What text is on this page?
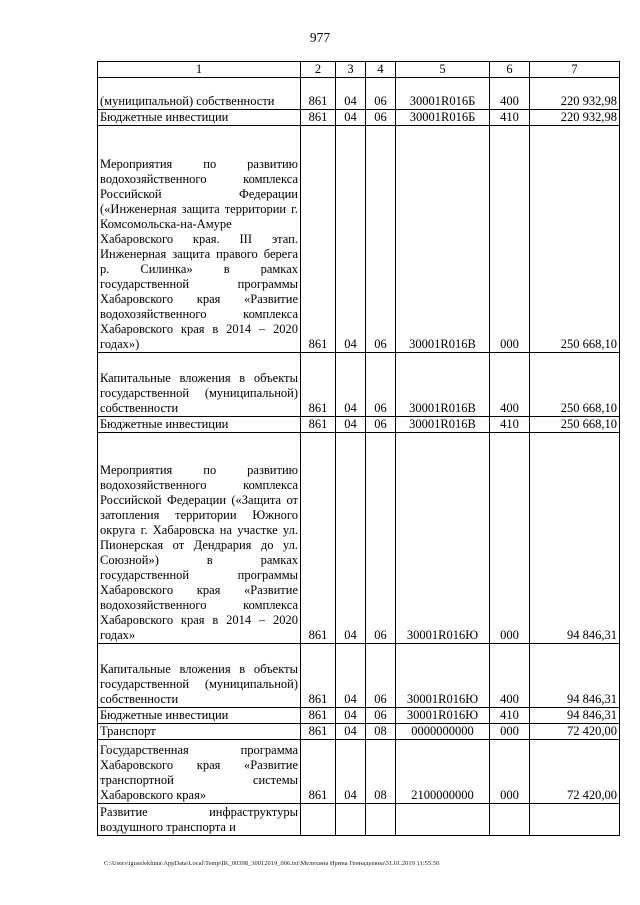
977
1	2	3	4	5	6	7
(муниципальной) собственности	861	04	06	30001R016Б	400	220 932,98
Бюджетные инвестиции	861	04	06	30001R016Б	410	220 932,98
Мероприятия по развитию водохозяйственного комплекса Российской Федерации («Инженерная защита территории г. Комсомольска-на-Амуре Хабаровского края. III этап. Инженерная защита правого берега р. Силинка» в рамках государственной программы Хабаровского края «Развитие водохозяйственного комплекса Хабаровского края в 2014 – 2020 годах»)	861	04	06	30001R016В	000	250 668,10
Капитальные вложения в объекты государственной (муниципальной) собственности	861	04	06	30001R016В	400	250 668,10
Бюджетные инвестиции	861	04	06	30001R016В	410	250 668,10
Мероприятия по развитию водохозяйственного комплекса Российской Федерации («Защита от затопления территории Южного округа г. Хабаровска на участке ул. Пионерская от Дендрария до ул. Союзной») в рамках государственной программы Хабаровского края «Развитие водохозяйственного комплекса Хабаровского края в 2014 – 2020 годах»	861	04	06	30001R016Ю	000	94 846,31
Капитальные вложения в объекты государственной (муниципальной) собственности	861	04	06	30001R016Ю	400	94 846,31
Бюджетные инвестиции	861	04	06	30001R016Ю	410	94 846,31
Транспорт	861	04	08	0000000000	000	72 420,00
Государственная программа Хабаровского края «Развитие транспортной системы Хабаровского края»	861	04	08	2100000000	000	72 420,00
Развитие инфраструктуры воздушного транспорта и						
C:\Users\iguselekhina\AppData\Local\Temp\IK_00398_30012019_006.txt\Мелехина Ирина Геннадьевна\31.01.2019 11:55:50
